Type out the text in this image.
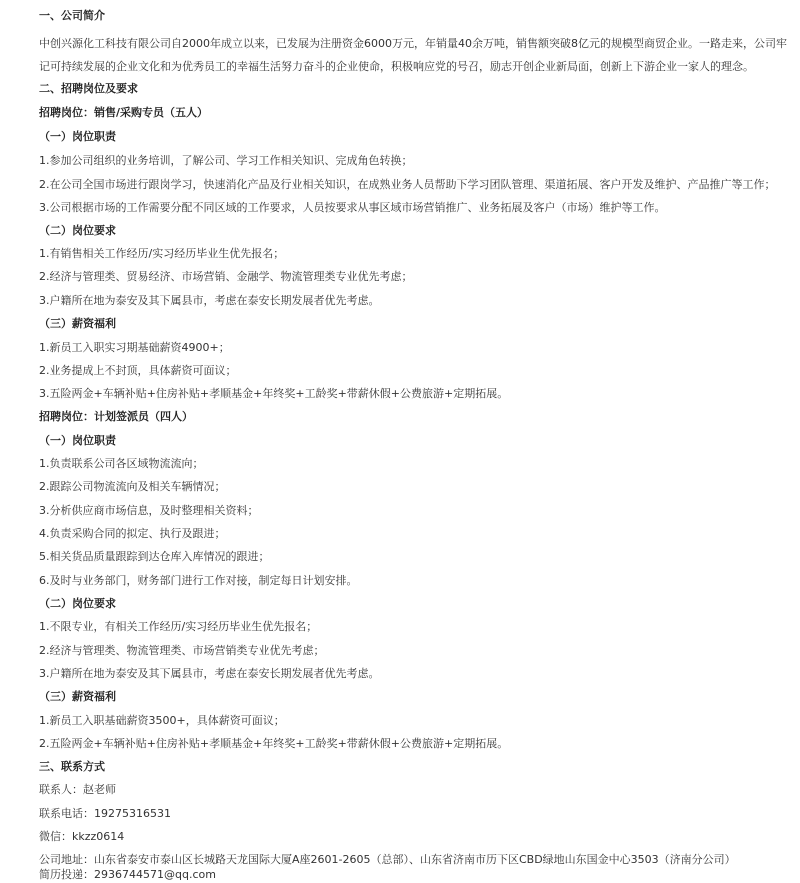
一、公司简介
中创兴源化工科技有限公司自2000年成立以来，已发展为注册资金6000万元，年销量40余万吨，销售额突破8亿元的规模型商贸企业。一路走来，公司牢记可持续发展的企业文化和为优秀员工的幸福生活努力奋斗的企业使命，积极响应党的号召，励志开创企业新局面，创新上下游企业一家人的理念。
二、招聘岗位及要求
招聘岗位：销售/采购专员（五人）
（一）岗位职责
1.参加公司组织的业务培训，了解公司、学习工作相关知识、完成角色转换；
2.在公司全国市场进行跟岗学习，快速消化产品及行业相关知识，在成熟业务人员帮助下学习团队管理、渠道拓展、客户开发及维护、产品推广等工作；
3.公司根据市场的工作需要分配不同区域的工作要求，人员按要求从事区域市场营销推广、业务拓展及客户（市场）维护等工作。
（二）岗位要求
1.有销售相关工作经历/实习经历毕业生优先报名；
2.经济与管理类、贸易经济、市场营销、金融学、物流管理类专业优先考虑；
3.户籍所在地为泰安及其下属县市，考虑在泰安长期发展者优先考虑。
（三）薪资福利
1.新员工入职实习期基础薪资4900+；
2.业务提成上不封顶，具体薪资可面议；
3.五险两金+车辆补贴+住房补贴+孝顺基金+年终奖+工龄奖+带薪休假+公费旅游+定期拓展。
招聘岗位：计划签派员（四人）
（一）岗位职责
1.负责联系公司各区域物流流向；
2.跟踪公司物流流向及相关车辆情况；
3.分析供应商市场信息，及时整理相关资料；
4.负责采购合同的拟定、执行及跟进；
5.相关货品质量跟踪到达仓库入库情况的跟进；
6.及时与业务部门，财务部门进行工作对接，制定每日计划安排。
（二）岗位要求
1.不限专业，有相关工作经历/实习经历毕业生优先报名；
2.经济与管理类、物流管理类、市场营销类专业优先考虑；
3.户籍所在地为泰安及其下属县市，考虑在泰安长期发展者优先考虑。
（三）薪资福利
1.新员工入职基础薪资3500+，具体薪资可面议；
2.五险两金+车辆补贴+住房补贴+孝顺基金+年终奖+工龄奖+带薪休假+公费旅游+定期拓展。
三、联系方式
联系人：赵老师
联系电话：19275316531
微信：kkzz0614
公司地址：山东省泰安市泰山区长城路天龙国际大厦A座2601-2605（总部）、山东省济南市历下区CBD绿地山东国金中心3503（济南分公司）
简历投递：2936744571@qq.com
